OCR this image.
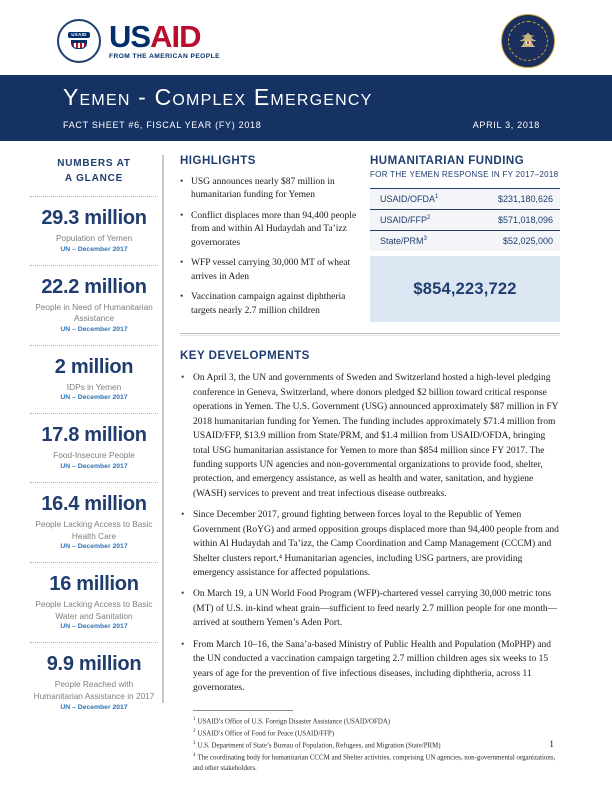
USAID USAID
FROM THE AMERICAN PEOPLE
Yemen - Complex Emergency
FACT SHEET #6, FISCAL YEAR (FY) 2018	APRIL 3, 2018
NUMBERS AT
A GLANCE
29.3 million
Population of Yemen
UN – December 2017
22.2 million
People in Need of Humanitarian Assistance
UN – December 2017
2 million
IDPs in Yemen
UN – December 2017
17.8 million
Food-Insecure People
UN – December 2017
16.4 million
People Lacking Access to Basic Health Care
UN – December 2017
16 million
People Lacking Access to Basic Water and Sanitation
UN – December 2017
9.9 million
People Reached with Humanitarian Assistance in 2017
UN – December 2017
HIGHLIGHTS
• USG announces nearly $87 million in humanitarian funding for Yemen
• Conflict displaces more than 94,400 people from and within Al Hudaydah and Ta’izz governorates
• WFP vessel carrying 30,000 MT of wheat arrives in Aden
• Vaccination campaign against diphtheria targets nearly 2.7 million children
HUMANITARIAN FUNDING
FOR THE YEMEN RESPONSE IN FY 2017–2018
USAID/OFDA$^1$	$231,180,626
USAID/FFP$^2$	$571,018,096
State/PRM$^3$	$52,025,000
$854,223,722
KEY DEVELOPMENTS
• On April 3, the UN and governments of Sweden and Switzerland hosted a high-level pledging conference in Geneva, Switzerland, where donors pledged $2 billion toward critical response operations in Yemen. The U.S. Government (USG) announced approximately $87 million in FY 2018 humanitarian funding for Yemen. The funding includes approximately $71.4 million from USAID/FFP, $13.9 million from State/PRM, and $1.4 million from USAID/OFDA, bringing total USG humanitarian assistance for Yemen to more than $854 million since FY 2017. The funding supports UN agencies and non-governmental organizations to provide food, shelter, protection, and emergency assistance, as well as health and water, sanitation, and hygiene (WASH) services to prevent and treat infectious disease outbreaks.
• Since December 2017, ground fighting between forces loyal to the Republic of Yemen Government (RoYG) and armed opposition groups displaced more than 94,400 people from and within Al Hudaydah and Ta’izz, the Camp Coordination and Camp Management (CCCM) and Shelter clusters report.⁴ Humanitarian agencies, including USG partners, are providing emergency assistance for affected populations.
• On March 19, a UN World Food Program (WFP)-chartered vessel carrying 30,000 metric tons (MT) of U.S. in-kind wheat grain—sufficient to feed nearly 2.7 million people for one month—arrived at southern Yemen’s Aden Port.
• From March 10–16, the Sana’a-based Ministry of Public Health and Population (MoPHP) and the UN conducted a vaccination campaign targeting 2.7 million children ages six weeks to 15 years of age for the prevention of five infectious diseases, including diphtheria, across 11 governorates.
$^1$ USAID’s Office of U.S. Foreign Disaster Assistance (USAID/OFDA)
$^2$ USAID’s Office of Food for Peace (USAID/FFP)
$^3$ U.S. Department of State’s Bureau of Population, Refugees, and Migration (State/PRM)
$^4$ The coordinating body for humanitarian CCCM and Shelter activities, comprising UN agencies, non-governmental organizations, and other stakeholders.
1
